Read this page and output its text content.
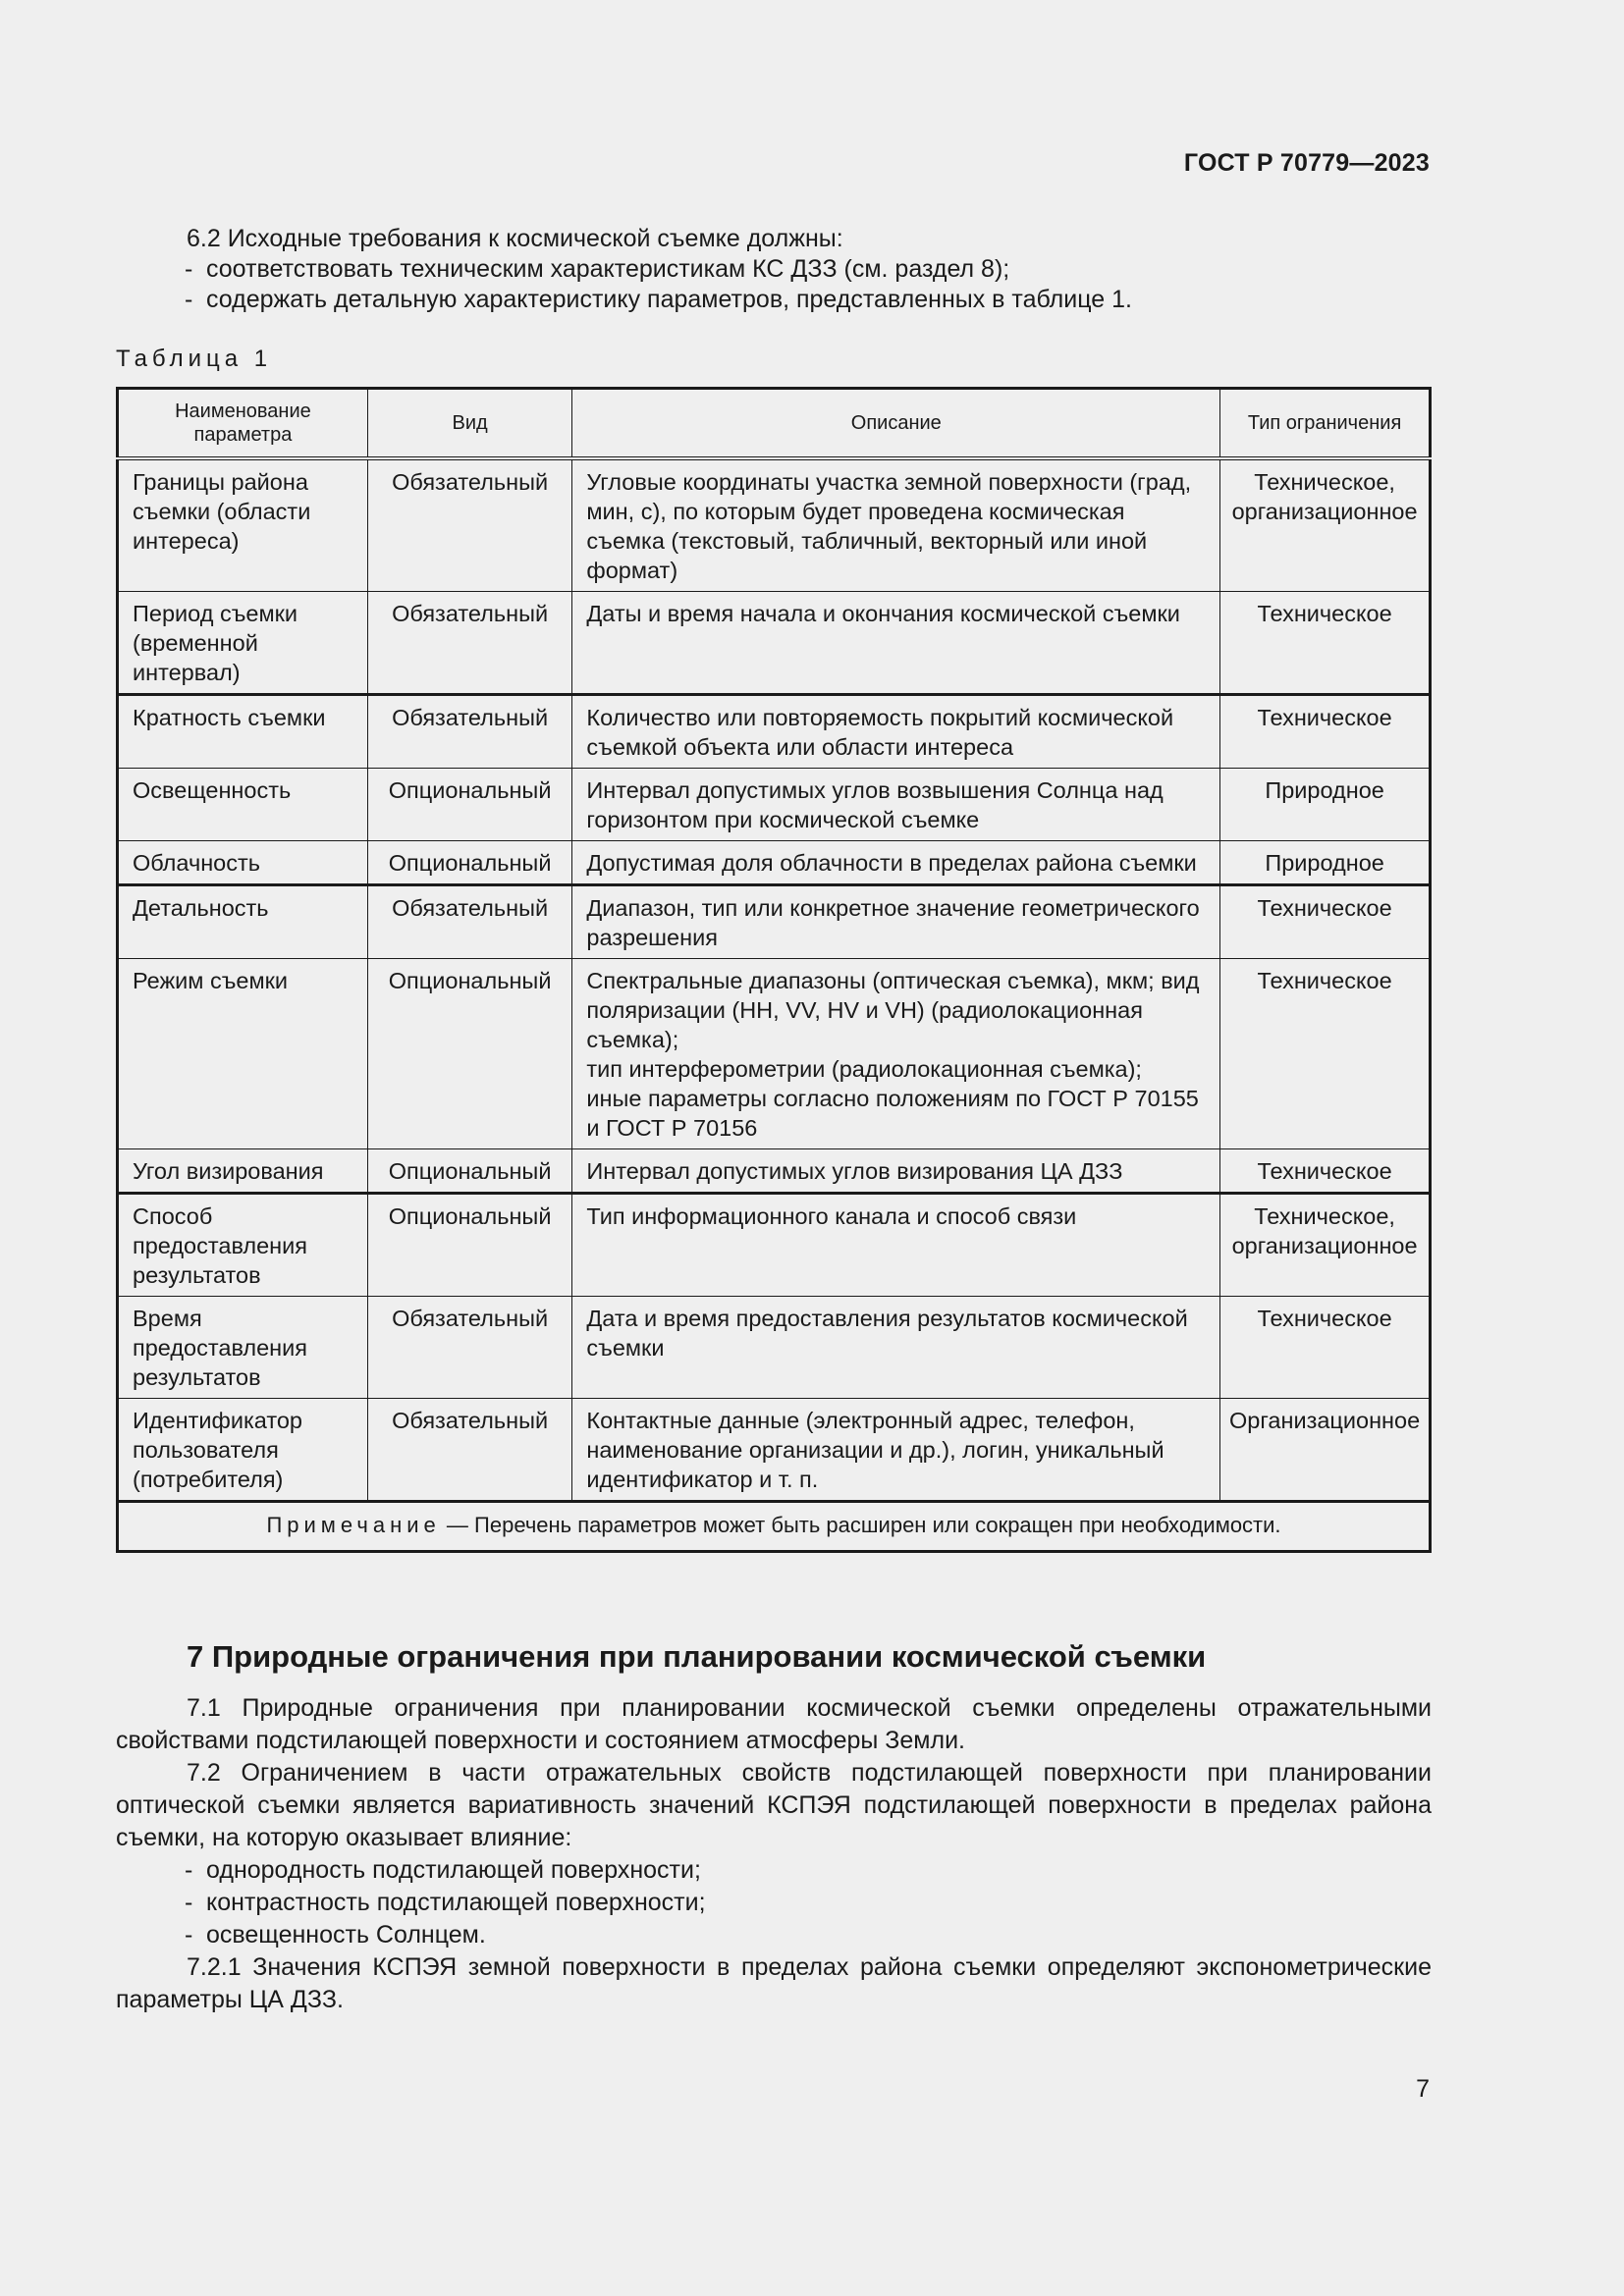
ГОСТ Р 70779—2023
6.2 Исходные требования к космической съемке должны:
- соответствовать техническим характеристикам КС ДЗЗ (см. раздел 8);
- содержать детальную характеристику параметров, представленных в таблице 1.
Таблица 1
Наименование параметра	Вид	Описание	Тип ограничения
Границы района съемки (области интереса)	Обязательный	Угловые координаты участка земной поверхности (град, мин, с), по которым будет проведена космическая съемка (текстовый, табличный, векторный или иной формат)	Техническое, организационное
Период съемки (временной интервал)	Обязательный	Даты и время начала и окончания космической съемки	Техническое
Кратность съемки	Обязательный	Количество или повторяемость покрытий космической съемкой объекта или области интереса	Техническое
Освещенность	Опциональный	Интервал допустимых углов возвышения Солнца над горизонтом при космической съемке	Природное
Облачность	Опциональный	Допустимая доля облачности в пределах района съемки	Природное
Детальность	Обязательный	Диапазон, тип или конкретное значение геометрического разрешения	Техническое
Режим съемки	Опциональный	Спектральные диапазоны (оптическая съемка), мкм; вид поляризации (HH, VV, HV и VH) (радиолокационная съемка);
тип интерферометрии (радиолокационная съемка);
иные параметры согласно положениям по ГОСТ Р 70155 и ГОСТ Р 70156	Техническое
Угол визирования	Опциональный	Интервал допустимых углов визирования ЦА ДЗЗ	Техническое
Способ предоставления результатов	Опциональный	Тип информационного канала и способ связи	Техническое, организационное
Время предоставления результатов	Обязательный	Дата и время предоставления результатов космической съемки	Техническое
Идентификатор пользователя (потребителя)	Обязательный	Контактные данные (электронный адрес, телефон, наименование организации и др.), логин, уникальный идентификатор и т. п.	Организационное
Примечание — Перечень параметров может быть расширен или сокращен при необходимости.			
7 Природные ограничения при планировании космической съемки

7.1 Природные ограничения при планировании космической съемки определены отражательными свойствами подстилающей поверхности и состоянием атмосферы Земли.

7.2 Ограничением в части отражательных свойств подстилающей поверхности при планировании оптической съемки является вариативность значений КСПЭЯ подстилающей поверхности в пределах района съемки, на которую оказывает влияние:

- однородность подстилающей поверхности;
- контрастность подстилающей поверхности;
- освещенность Солнцем.

7.2.1 Значения КСПЭЯ земной поверхности в пределах района съемки определяют экспонометрические параметры ЦА ДЗЗ.

7
